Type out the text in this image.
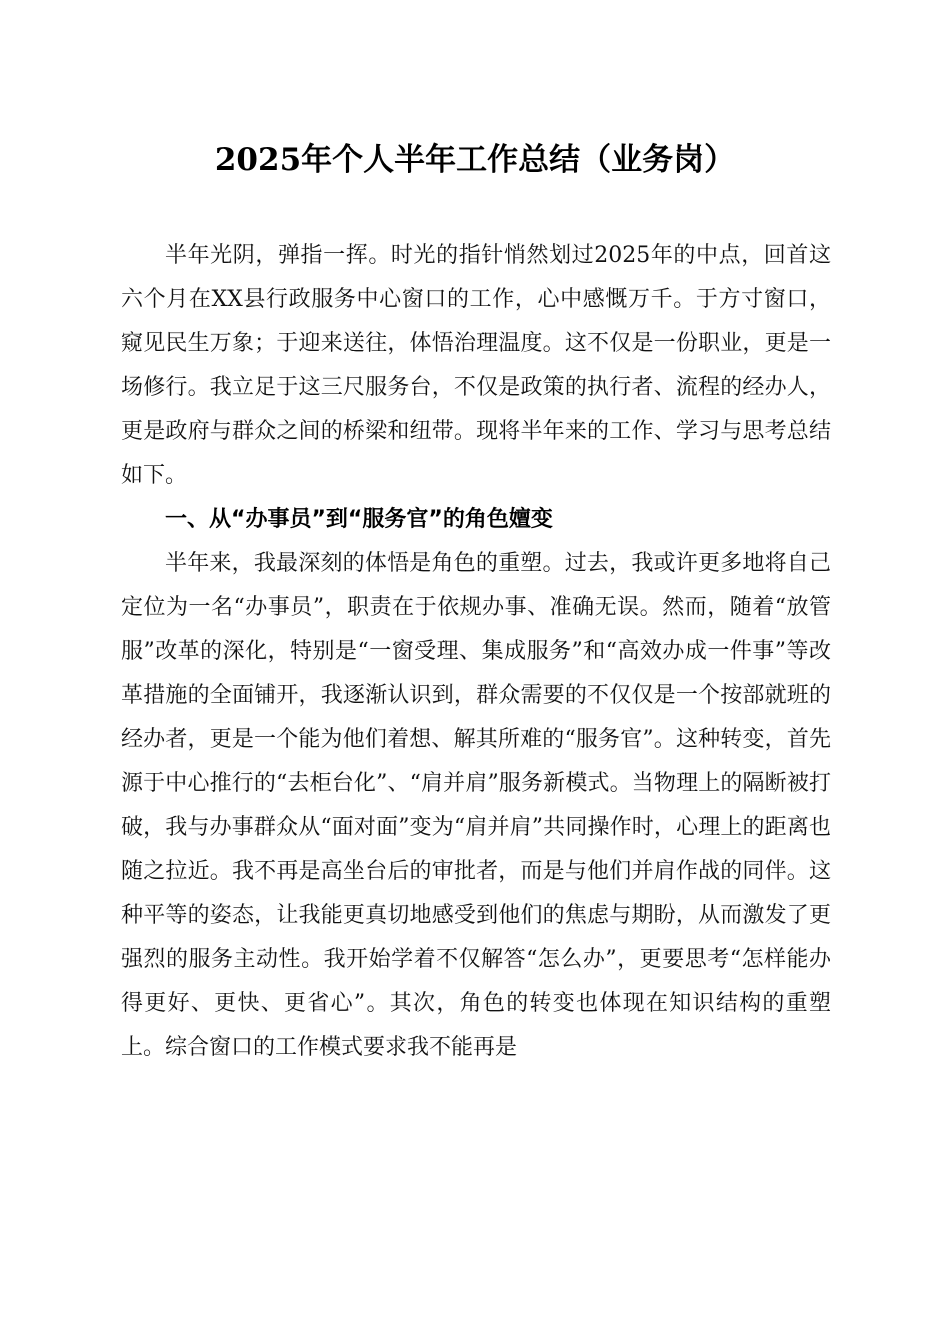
2025年个人半年工作总结（业务岗）

半年光阴，弹指一挥。时光的指针悄然划过2025年的中点，回首这六个月在XX县行政服务中心窗口的工作，心中感慨万千。于方寸窗口，窥见民生万象；于迎来送往，体悟治理温度。这不仅是一份职业，更是一场修行。我立足于这三尺服务台，不仅是政策的执行者、流程的经办人，更是政府与群众之间的桥梁和纽带。现将半年来的工作、学习与思考总结如下。

一、从“办事员”到“服务官”的角色嬗变

半年来，我最深刻的体悟是角色的重塑。过去，我或许更多地将自己定位为一名“办事员”，职责在于依规办事、准确无误。然而，随着“放管服”改革的深化，特别是“一窗受理、集成服务”和“高效办成一件事”等改革措施的全面铺开，我逐渐认识到，群众需要的不仅仅是一个按部就班的经办者，更是一个能为他们着想、解其所难的“服务官”。这种转变，首先源于中心推行的“去柜台化”、“肩并肩”服务新模式。当物理上的隔断被打破，我与办事群众从“面对面”变为“肩并肩”共同操作时，心理上的距离也随之拉近。我不再是高坐台后的审批者，而是与他们并肩作战的同伴。这种平等的姿态，让我能更真切地感受到他们的焦虑与期盼，从而激发了更强烈的服务主动性。我开始学着不仅解答“怎么办”，更要思考“怎样能办得更好、更快、更省心”。其次，角色的转变也体现在知识结构的重塑上。综合窗口的工作模式要求我不能再是
